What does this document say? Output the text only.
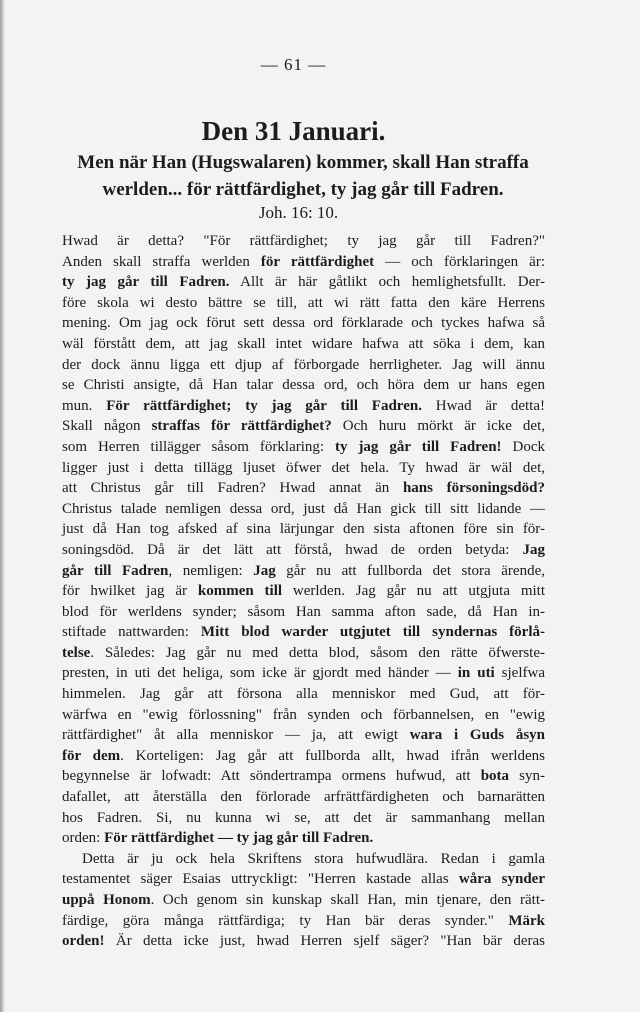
— 61 —
Den 31 Januari.
Men när Han (Hugswalaren) kommer, skall Han straffa
werlden... för rättfärdighet, ty jag går till Fadren.
Joh. 16: 10.
Hwad är detta? "För rättfärdighet; ty jag går till Fadren?"
Anden skall straffa werlden för rättfärdighet — och förklaringen är:
ty jag går till Fadren. Allt är här gåtlikt och hemlighetsfullt. Der-
före skola wi desto bättre se till, att wi rätt fatta den käre Herrens
mening. Om jag ock förut sett dessa ord förklarade och tyckes hafwa så
wäl förstått dem, att jag skall intet widare hafwa att söka i dem, kan
der dock ännu ligga ett djup af förborgade herrligheter. Jag will ännu
se Christi ansigte, då Han talar dessa ord, och höra dem ur hans egen
mun. För rättfärdighet; ty jag går till Fadren. Hwad är detta!
Skall någon straffas för rättfärdighet? Och huru mörkt är icke det,
som Herren tillägger såsom förklaring: ty jag går till Fadren! Dock
ligger just i detta tillägg ljuset öfwer det hela. Ty hwad är wäl det,
att Christus går till Fadren? Hwad annat än hans försoningsdöd?
Christus talade nemligen dessa ord, just då Han gick till sitt lidande —
just då Han tog afsked af sina lärjungar den sista aftonen före sin för-
soningsdöd. Då är det lätt att förstå, hwad de orden betyda: Jag
går till Fadren, nemligen: Jag går nu att fullborda det stora ärende,
för hwilket jag är kommen till werlden. Jag går nu att utgjuta mitt
blod för werldens synder; såsom Han samma afton sade, då Han in-
stiftade nattwarden: Mitt blod warder utgjutet till syndernas förlå-
telse. Således: Jag går nu med detta blod, såsom den rätte öfwerste-
presten, in uti det heliga, som icke är gjordt med händer — in uti sjelfwa
himmelen. Jag går att försona alla menniskor med Gud, att för-
wärfwa en "ewig förlossning" från synden och förbannelsen, en "ewig
rättfärdighet" åt alla menniskor — ja, att ewigt wara i Guds åsyn
för dem. Korteligen: Jag går att fullborda allt, hwad ifrån werldens
begynnelse är lofwadt: Att söndertrampa ormens hufwud, att bota syn-
dafallet, att återställa den förlorade arfrättfärdigheten och barnarätten
hos Fadren. Si, nu kunna wi se, att det är sammanhang mellan
orden: För rättfärdighet — ty jag går till Fadren.
Detta är ju ock hela Skriftens stora hufwudlära. Redan i gamla
testamentet säger Esaias uttryckligt: "Herren kastade allas wåra synder
uppå Honom. Och genom sin kunskap skall Han, min tjenare, den rätt-
färdige, göra många rättfärdiga; ty Han bär deras synder." Märk
orden! Är detta icke just, hwad Herren sjelf säger? "Han bär deras
